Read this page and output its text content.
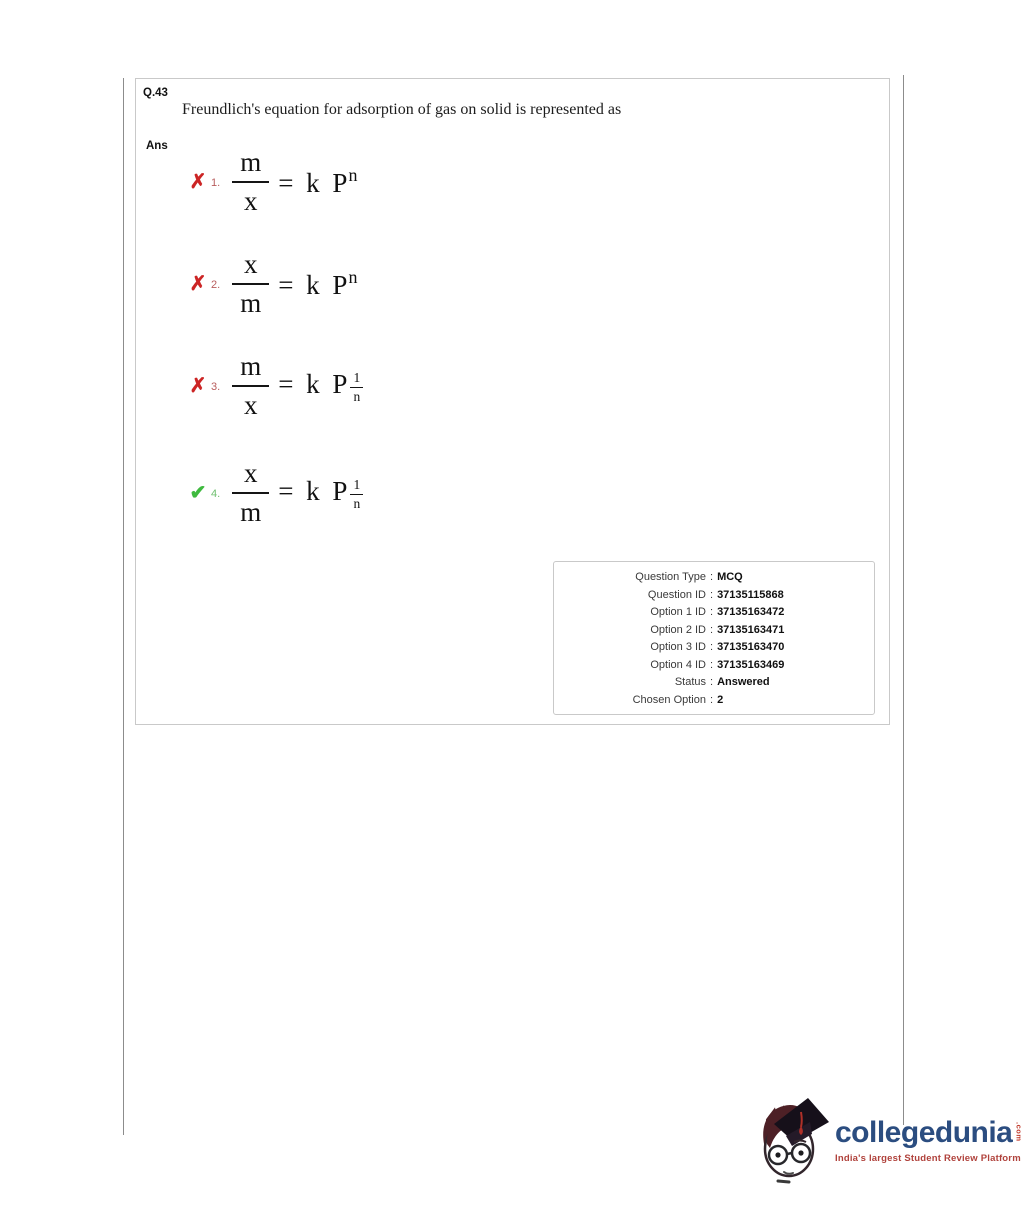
Q.43
Freundlich's equation for adsorption of gas on solid is represented as
Ans
✗ 1. $\frac{m}{x} = k$ $P^n$
✗ 2. $\frac{x}{m} = k$ $P^n$
✗ 3. $\frac{m}{x} = k$ P $\frac{1}{n}$
✔ 4. $\frac{x}{m} = k$ P $\frac{1}{n}$
Question Type : MCQ
Question ID : 37135115868
Option 1 ID : 37135163472
Option 2 ID : 37135163471
Option 3 ID : 37135163470
Option 4 ID : 37135163469
Status : Answered
Chosen Option : 2
collegedunia .com
India's largest Student Review Platform
